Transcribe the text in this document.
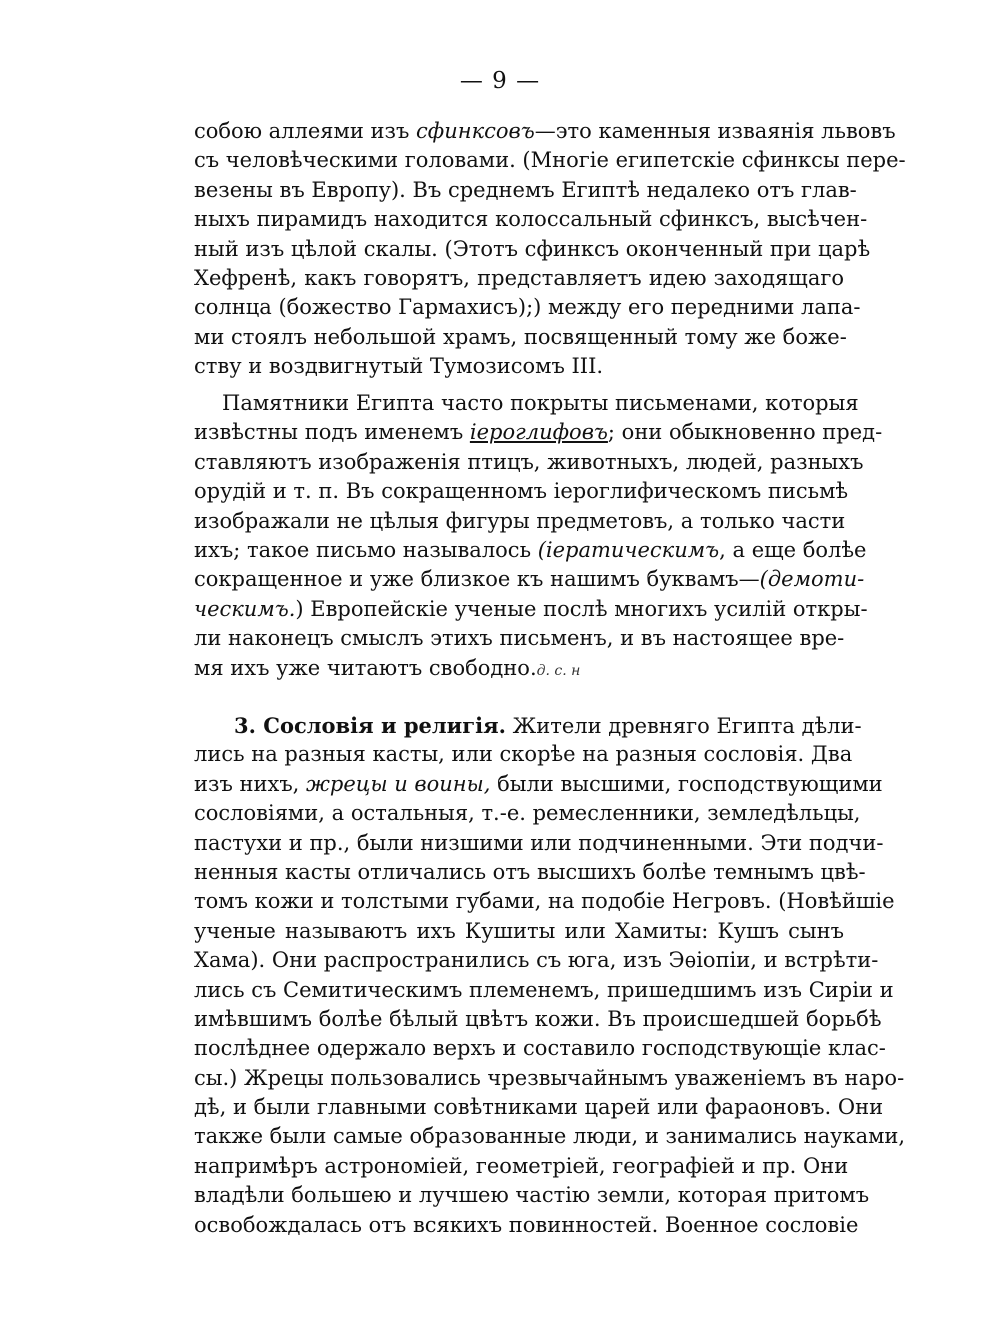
— 9 —
собою аллеями изъ сфинксовъ—это каменныя изваянія львовъ
съ человѣческими головами. (Многіе египетскіе сфинксы пере-
везены въ Европу). Въ среднемъ Египтѣ недалеко отъ глав-
ныхъ пирамидъ находится колоссальный сфинксъ, высѣчен-
ный изъ цѣлой скалы. (Этотъ сфинксъ оконченный при царѣ
Хефренѣ, какъ говорятъ, представляетъ идею заходящаго
солнца (божество Гармахисъ);) между его передними лапа-
ми стоялъ небольшой храмъ, посвященный тому же боже-
ству и воздвигнутый Тумозисомъ III.
Памятники Египта часто покрыты письменами, которыя
извѣстны подъ именемъ іероглифовъ; они обыкновенно пред-
ставляютъ изображенія птицъ, животныхъ, людей, разныхъ
орудій и т. п. Въ сокращенномъ іероглифическомъ письмѣ
изображали не цѣлыя фигуры предметовъ, а только части
ихъ; такое письмо называлось (іератическимъ, а еще болѣе
сокращенное и уже близкое къ нашимъ буквамъ—(демоти-
ческимъ.) Европейскіе ученые послѣ многихъ усилій откры-
ли наконецъ смыслъ этихъ письменъ, и въ настоящее вре-
мя ихъ уже читаютъ свободно.д. с. н
3. Сословія и религія. Жители древняго Египта дѣли-
лись на разныя касты, или скорѣе на разныя сословія. Два
изъ нихъ, жрецы и воины, были высшими, господствующими
сословіями, а остальныя, т.-е. ремесленники, земледѣльцы,
пастухи и пр., были низшими или подчиненными. Эти подчи-
ненныя касты отличались отъ высшихъ болѣе темнымъ цвѣ-
томъ кожи и толстыми губами, на подобіе Негровъ. (Новѣйшіе
ученые называютъ ихъ Кушиты или Хамиты: Кушъ сынъ
Хама). Они распространились съ юга, изъ Эѳіопіи, и встрѣти-
лись съ Семитическимъ племенемъ, пришедшимъ изъ Сиріи и
имѣвшимъ болѣе бѣлый цвѣтъ кожи. Въ происшедшей борьбѣ
послѣднее одержало верхъ и составило господствующіе клас-
сы.) Жрецы пользовались чрезвычайнымъ уваженіемъ въ наро-
дѣ, и были главными совѣтниками царей или фараоновъ. Они
также были самые образованные люди, и занимались науками,
напримѣръ астрономіей, геометріей, географіей и пр. Они
владѣли большею и лучшею частію земли, которая притомъ
освобождалась отъ всякихъ повинностей. Военное сословіе
